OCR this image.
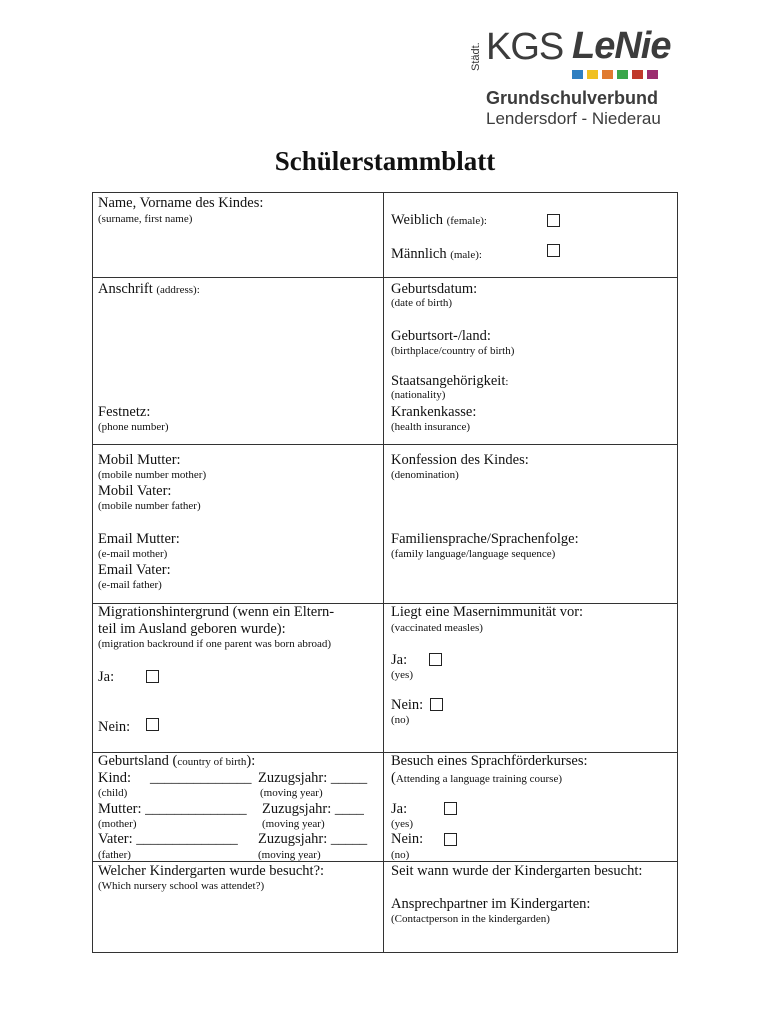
Städt. KGS LeNie
Grundschulverbund
Lendersdorf - Niederau
Schülerstammblatt
Name, Vorname des Kindes:
(surname, first name)	Weiblich (female):
Männlich (male):
Anschrift (address):
Festnetz:
(phone number)
Geburtsdatum:
(date of birth)
Geburtsort-/land:
(birthplace/country of birth)
Staatsangehörigkeit:
(nationality)
Krankenkasse:
(health insurance)
Mobil Mutter:
(mobile number mother)
Mobil Vater:
(mobile number father)
Email Mutter:
(e-mail mother)
Email Vater:
(e-mail father)
Konfession des Kindes:
(denomination)
Familiensprache/Sprachenfolge:
(family language/language sequence)
Migrationshintergrund (wenn ein Eltern-
teil im Ausland geboren wurde):
(migration backround if one parent was born abroad)
Ja:
Nein:
Liegt eine Masernimmunität vor:
(vaccinated measles)
Ja:
(yes)
Nein:
(no)
Geburtsland (country of birth):
Kind: ______________ Zuzugsjahr: _____
(child)	(moving year)
Mutter: ______________ Zuzugsjahr: ____
(mother)	(moving year)
Vater: ______________ Zuzugsjahr: _____
(father)	(moving year)
Besuch eines Sprachförderkurses:
(Attending a language training course)
Ja:
(yes)
Nein:
(no)
Welcher Kindergarten wurde besucht?:
(Which nursery school was attendet?)
Seit wann wurde der Kindergarten besucht:
Ansprechpartner im Kindergarten:
(Contactperson in the kindergarden)
